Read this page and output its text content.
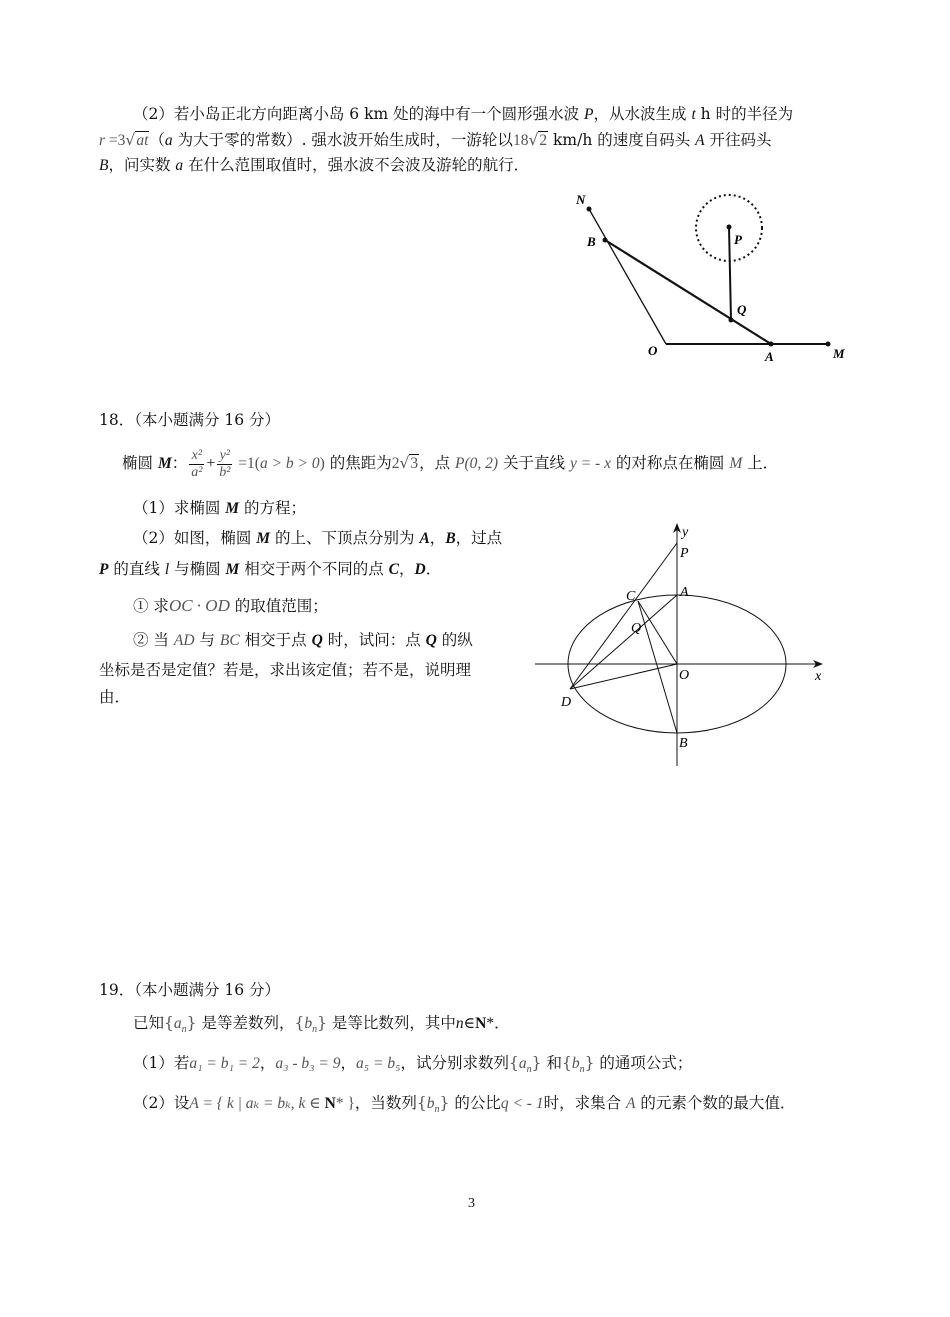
（2）若小岛正北方向距离小岛 6 km 处的海中有一个圆形强水波 P，从水波生成 t h 时的半径为
r =3√at（a 为大于零的常数）. 强水波开始生成时，一游轮以18√2 km/h 的速度自码头 A 开往码头
B，问实数 a 在什么范围取值时，强水波不会波及游轮的航行．
N
B	P
Q
O	A	M
18．（本小题满分 16 分）
椭圆 M： $\frac{\text{x²}}{\text{a²}} + \frac{\text{y²}}{\text{b²}} =1(a > b > 0)$ 的焦距为2√3，点 P(0, 2) 关于直线 y = - x 的对称点在椭圆 M 上．
（1）求椭圆 M 的方程；
（2）如图，椭圆 M 的上、下顶点分别为 A，B，过点
P 的直线 l 与椭圆 M 相交于两个不同的点 C，D．
① 求OC · OD 的取值范围；
② 当 AD 与 BC 相交于点 Q 时，试问：点 Q 的纵
坐标是否是定值？若是，求出该定值；若不是，说明理
由．
y
P
A
C
Q
O	x
D
B
19．（本小题满分 16 分）
已知$\{a_n\}$ 是等差数列，$\{b_n\}$ 是等比数列，其中n∈N*．
（1）若a₁ = b₁ = 2，a₃ - b₃ = 9，a₅ = b₅，试分别求数列$\{a_n\}$ 和$\{b_n\}$ 的通项公式；
（2）设A = { k | aₖ = bₖ, k ∈ N* }，当数列$\{b_n\}$ 的公比q < - 1时，求集合 A 的元素个数的最大值．
3
